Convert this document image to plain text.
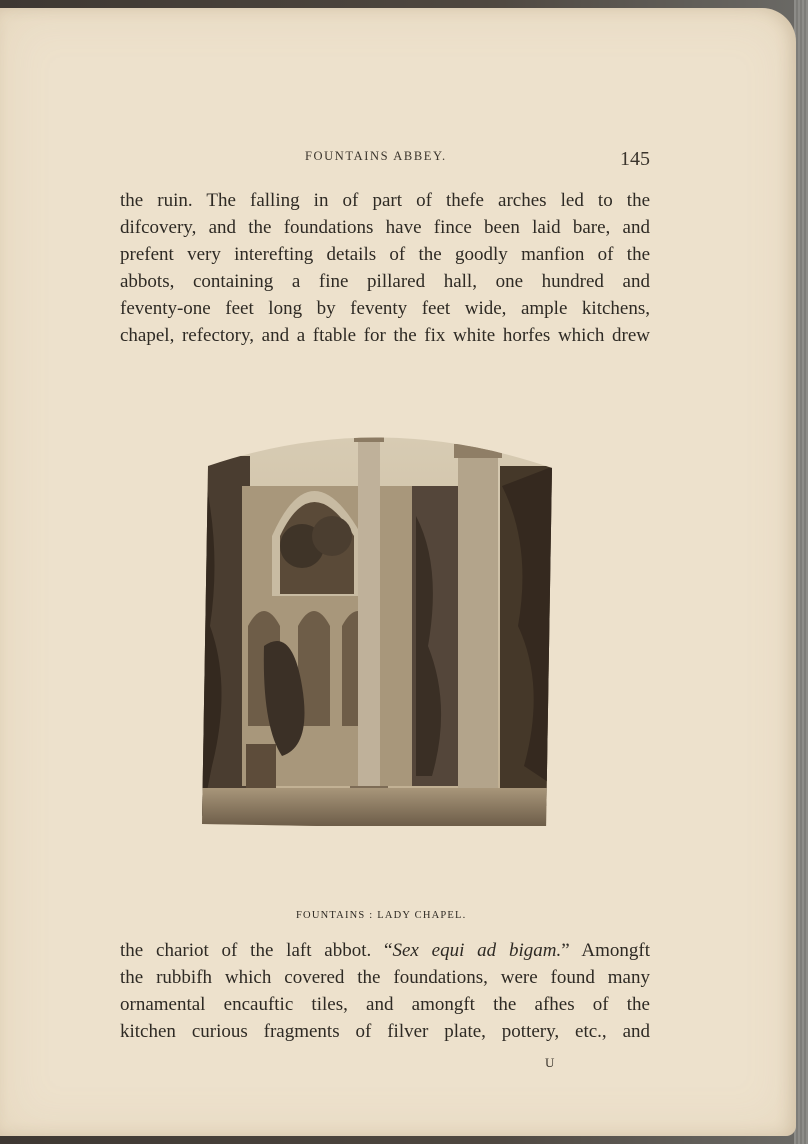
FOUNTAINS ABBEY.	145
the ruin. The falling in of part of thefe arches led to the
difcovery, and the foundations have fince been laid bare, and
prefent very interefting details of the goodly manfion of the
abbots, containing a fine pillared hall, one hundred and
feventy-one feet long by feventy feet wide, ample kitchens,
chapel, refectory, and a ftable for the fix white horfes which drew
FOUNTAINS : LADY CHAPEL.
the chariot of the laft abbot. “Sex equi ad bigam.” Amongft
the rubbifh which covered the foundations, were found many
ornamental encauftic tiles, and amongft the afhes of the
kitchen curious fragments of filver plate, pottery, etc., and
U
